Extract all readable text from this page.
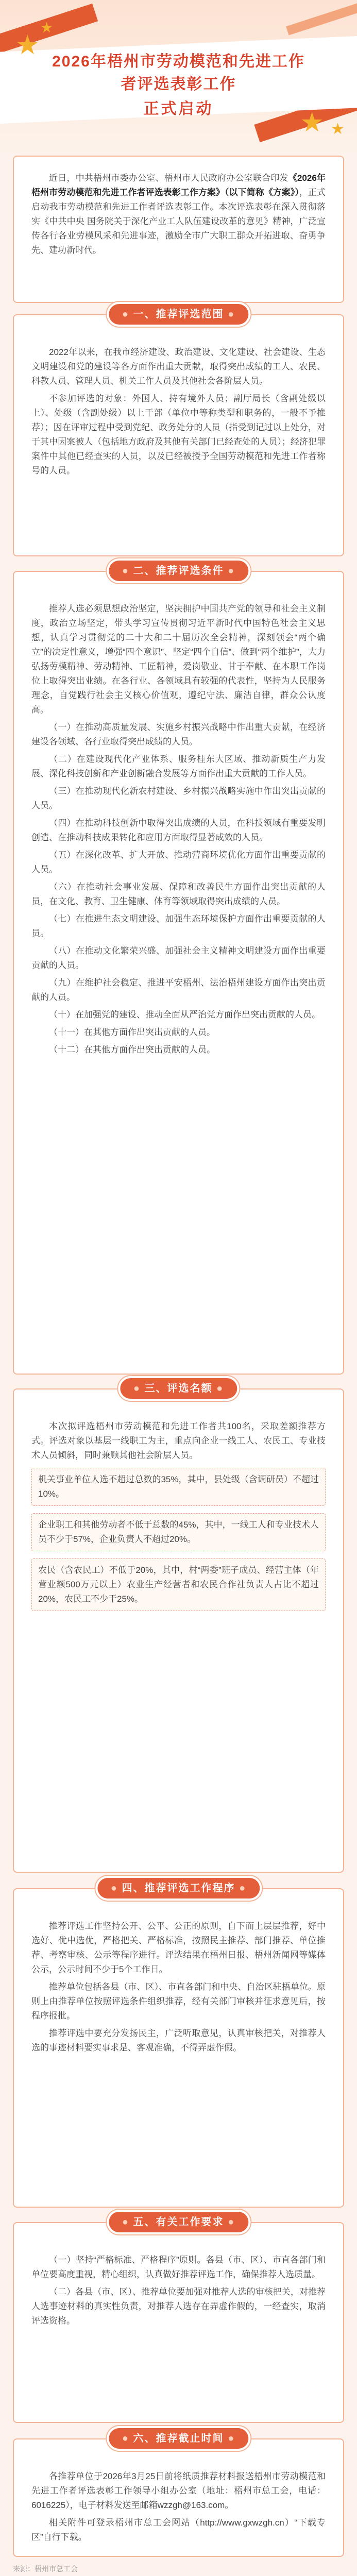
★
★
★ ★
2026年梧州市劳动模范和先进工作
者评选表彰工作
正式启动

近日，中共梧州市委办公室、梧州市人民政府办公室联合印发《2026年梧州市劳动模范和先进工作者评选表彰工作方案》（以下简称《方案》），正式启动我市劳动模范和先进工作者评选表彰工作。本次评选表彰在深入贯彻落实《中共中央 国务院关于深化产业工人队伍建设改革的意见》精神，广泛宣传各行各业劳模风采和先进事迹，激励全市广大职工群众开拓进取、奋勇争先、建功新时代。

2022年以来，在我市经济建设、政治建设、文化建设、社会建设、生态文明建设和党的建设等各方面作出重大贡献，取得突出成绩的工人、农民、科教人员、管理人员、机关工作人员及其他社会各阶层人员。

不参加评选的对象：外国人、持有境外人员；副厅局长（含副处级以上）、处级（含副处级）以上干部（单位中等称类型和职务的，一般不予推荐）；因在评审过程中受到党纪、政务处分的人员（指受到记过以上处分，对于其中因案被人（包括地方政府及其他有关部门已经查处的人员）；经济犯罪案件中其他已经查实的人员，以及已经被授予全国劳动模范和先进工作者称号的人员。

● 一、推荐评选范围 ●

推荐人选必须思想政治坚定，坚决拥护中国共产党的领导和社会主义制度，政治立场坚定，带头学习宣传贯彻习近平新时代中国特色社会主义思想，认真学习贯彻党的二十大和二十届历次全会精神，深刻领会“两个确立”的决定性意义，增强“四个意识”、坚定“四个自信”、做到“两个维护”，大力弘扬劳模精神、劳动精神、工匠精神，爱岗敬业、甘于奉献、在本职工作岗位上取得突出业绩。在各行业、各领域具有较强的代表性，坚持为人民服务理念，自觉践行社会主义核心价值观，遵纪守法、廉洁自律，群众公认度高。

（一）在推动高质量发展、实施乡村振兴战略中作出重大贡献，在经济建设各领域、各行业取得突出成绩的人员。

（二）在建设现代化产业体系、服务桂东大区域、推动新质生产力发展、深化科技创新和产业创新融合发展等方面作出重大贡献的工作人员。

（三）在推动现代化新农村建设、乡村振兴战略实施中作出突出贡献的人员。

（四）在推动科技创新中取得突出成绩的人员，在科技领域有重要发明创造、在推动科技成果转化和应用方面取得显著成效的人员。

（五）在深化改革、扩大开放、推动营商环境优化方面作出重要贡献的人员。

（六）在推动社会事业发展、保障和改善民生方面作出突出贡献的人员，在文化、教育、卫生健康、体育等领域取得突出成绩的人员。

（七）在推进生态文明建设、加强生态环境保护方面作出重要贡献的人员。

（八）在推动文化繁荣兴盛、加强社会主义精神文明建设方面作出重要贡献的人员。

（九）在维护社会稳定、推进平安梧州、法治梧州建设方面作出突出贡献的人员。

（十）在加强党的建设、推动全面从严治党方面作出突出贡献的人员。

（十一）在其他方面作出突出贡献的人员。

（十二）在其他方面作出突出贡献的人员。

● 二、推荐评选条件 ●

本次拟评选梧州市劳动模范和先进工作者共100名，采取差额推荐方式。评选对象以基层一线职工为主，重点向企业一线工人、农民工、专业技术人员倾斜，同时兼顾其他社会阶层人员。

机关事业单位人选不超过总数的35%，其中，县处级（含调研员）不超过10%。

企业职工和其他劳动者不低于总数的45%，其中，一线工人和专业技术人员不少于57%，企业负责人不超过20%。

农民（含农民工）不低于20%，其中，村“两委”班子成员、经营主体（年营业额500万元以上）农业生产经营者和农民合作社负责人占比不超过20%，农民工不少于25%。

● 三、评选名额 ●

推荐评选工作坚持公开、公平、公正的原则，自下而上层层推荐，好中选好、优中选优，严格把关、严格标准，按照民主推荐、部门推荐、单位推荐、考察审核、公示等程序进行。评选结果在梧州日报、梧州新闻网等媒体公示，公示时间不少于5个工作日。

推荐单位包括各县（市、区）、市直各部门和中央、自治区驻梧单位。原则上由推荐单位按照评选条件组织推荐，经有关部门审核并征求意见后，按程序报批。

推荐评选中要充分发扬民主，广泛听取意见，认真审核把关，对推荐人选的事迹材料要实事求是、客观准确，不得弄虚作假。

● 四、推荐评选工作程序 ●

（一）坚持“严格标准、严格程序”原则。各县（市、区）、市直各部门和单位要高度重视，精心组织，认真做好推荐评选工作，确保推荐人选质量。

（二）各县（市、区）、推荐单位要加强对推荐人选的审核把关，对推荐人选事迹材料的真实性负责，对推荐人选存在弄虚作假的，一经查实，取消评选资格。

● 五、有关工作要求 ●

各推荐单位于2026年3月25日前将纸质推荐材料报送梧州市劳动模范和先进工作者评选表彰工作领导小组办公室（地址：梧州市总工会，电话：6016225），电子材料发送至邮箱wzzgh@163.com。

相关附件可登录梧州市总工会网站（http://www.gxwzgh.cn）“下载专区”自行下载。

● 六、推荐截止时间 ●

来源：梧州市总工会
